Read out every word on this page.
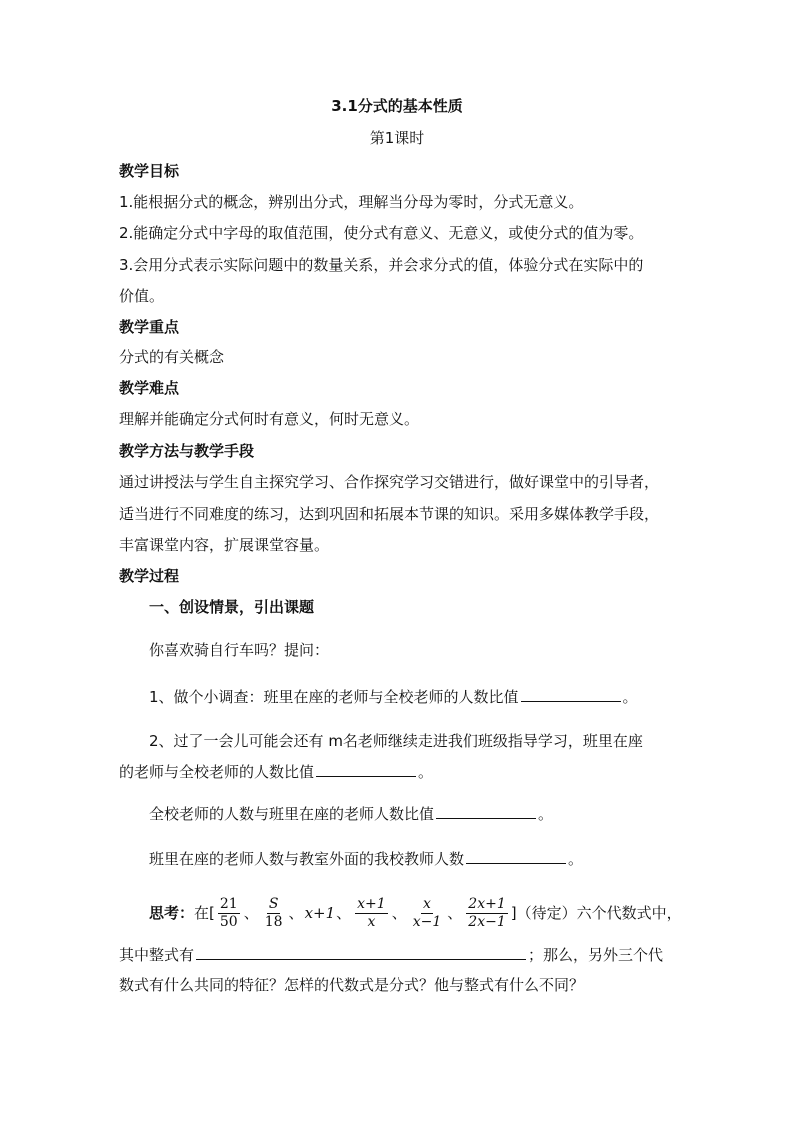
3.1分式的基本性质
第1课时
教学目标
1.能根据分式的概念，辨别出分式，理解当分母为零时，分式无意义。
2.能确定分式中字母的取值范围，使分式有意义、无意义，或使分式的值为零。
3.会用分式表示实际问题中的数量关系，并会求分式的值，体验分式在实际中的
价值。
教学重点
分式的有关概念
教学难点
理解并能确定分式何时有意义，何时无意义。
教学方法与教学手段
通过讲授法与学生自主探究学习、合作探究学习交错进行，做好课堂中的引导者，
适当进行不同难度的练习，达到巩固和拓展本节课的知识。采用多媒体教学手段，
丰富课堂内容，扩展课堂容量。
教学过程
一、创设情景，引出课题
你喜欢骑自行车吗？提问：
1、做个小调查：班里在座的老师与全校老师的人数比值	。
2、过了一会儿可能会还有 m名老师继续走进我们班级指导学习，班里在座
的老师与全校老师的人数比值	。
全校老师的人数与班里在座的老师人数比值	。
班里在座的老师人数与教室外面的我校教师人数	。
思考：在[ $\frac{21}{50}$ 、 $\frac{S}{18}$ 、x+1、 $\frac{x+1}{x}$ 、 $\frac{x}{x-1}$ 、 $\frac{2x+1}{2x-1}$ ]（待定）六个代数式中，
其中整式有	；那么，另外三个代
数式有什么共同的特征？怎样的代数式是分式？他与整式有什么不同？
